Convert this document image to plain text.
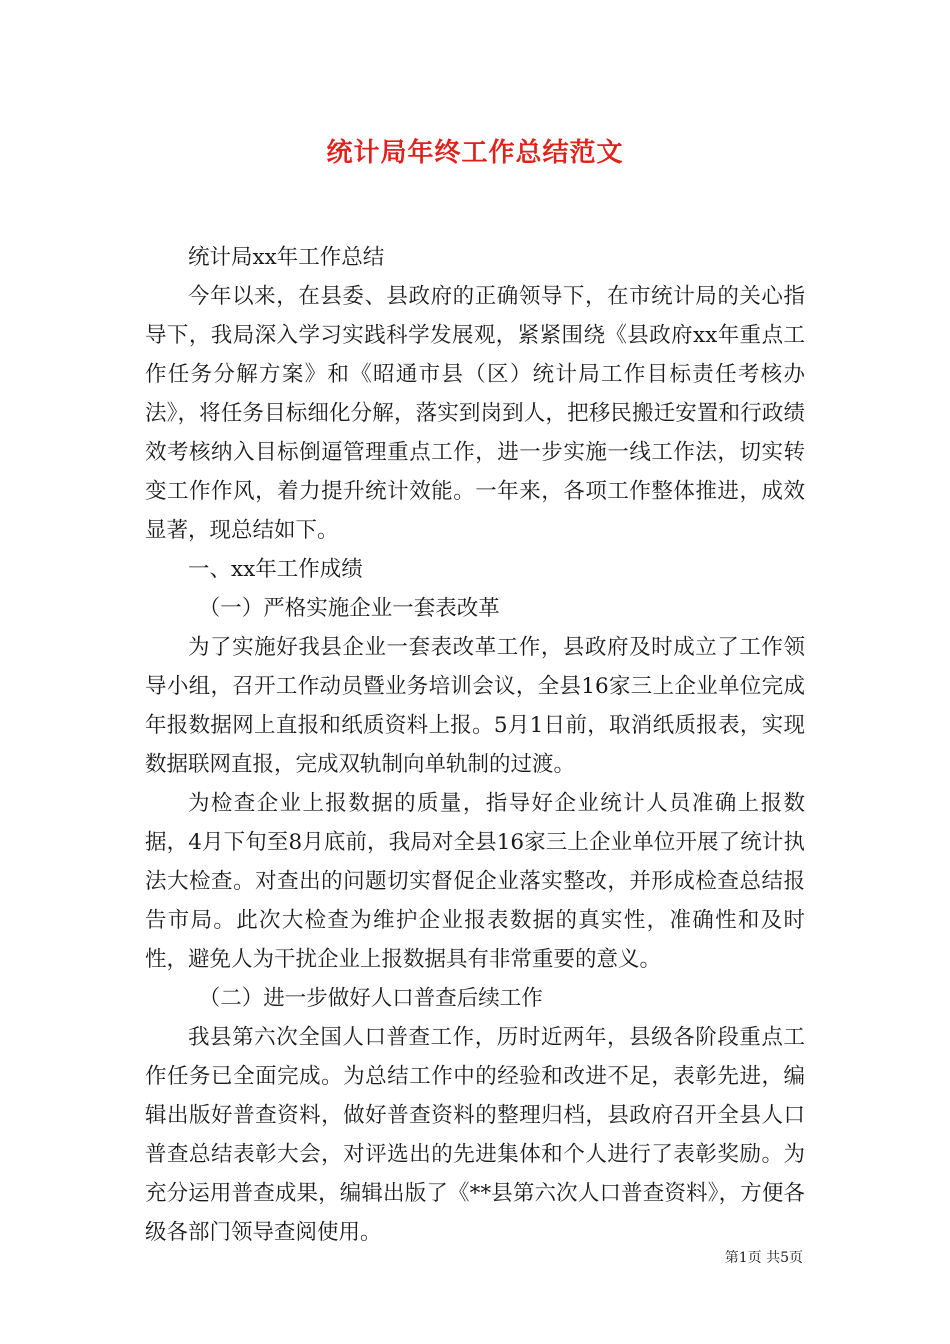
统计局年终工作总结范文

统计局xx年工作总结

今年以来，在县委、县政府的正确领导下，在市统计局的关心指导下，我局深入学习实践科学发展观，紧紧围绕《县政府xx年重点工作任务分解方案》和《昭通市县（区）统计局工作目标责任考核办法》，将任务目标细化分解，落实到岗到人，把移民搬迁安置和行政绩效考核纳入目标倒逼管理重点工作，进一步实施一线工作法，切实转变工作作风，着力提升统计效能。一年来，各项工作整体推进，成效显著，现总结如下。

一、xx年工作成绩

（一）严格实施企业一套表改革

为了实施好我县企业一套表改革工作，县政府及时成立了工作领导小组，召开工作动员暨业务培训会议，全县16家三上企业单位完成年报数据网上直报和纸质资料上报。5月1日前，取消纸质报表，实现数据联网直报，完成双轨制向单轨制的过渡。

为检查企业上报数据的质量，指导好企业统计人员准确上报数据，4月下旬至8月底前，我局对全县16家三上企业单位开展了统计执法大检查。对查出的问题切实督促企业落实整改，并形成检查总结报告市局。此次大检查为维护企业报表数据的真实性，准确性和及时性，避免人为干扰企业上报数据具有非常重要的意义。

（二）进一步做好人口普查后续工作

我县第六次全国人口普查工作，历时近两年，县级各阶段重点工作任务已全面完成。为总结工作中的经验和改进不足，表彰先进，编辑出版好普查资料，做好普查资料的整理归档，县政府召开全县人口普查总结表彰大会，对评选出的先进集体和个人进行了表彰奖励。为充分运用普查成果，编辑出版了《**县第六次人口普查资料》，方便各级各部门领导查阅使用。

第1页 共5页
